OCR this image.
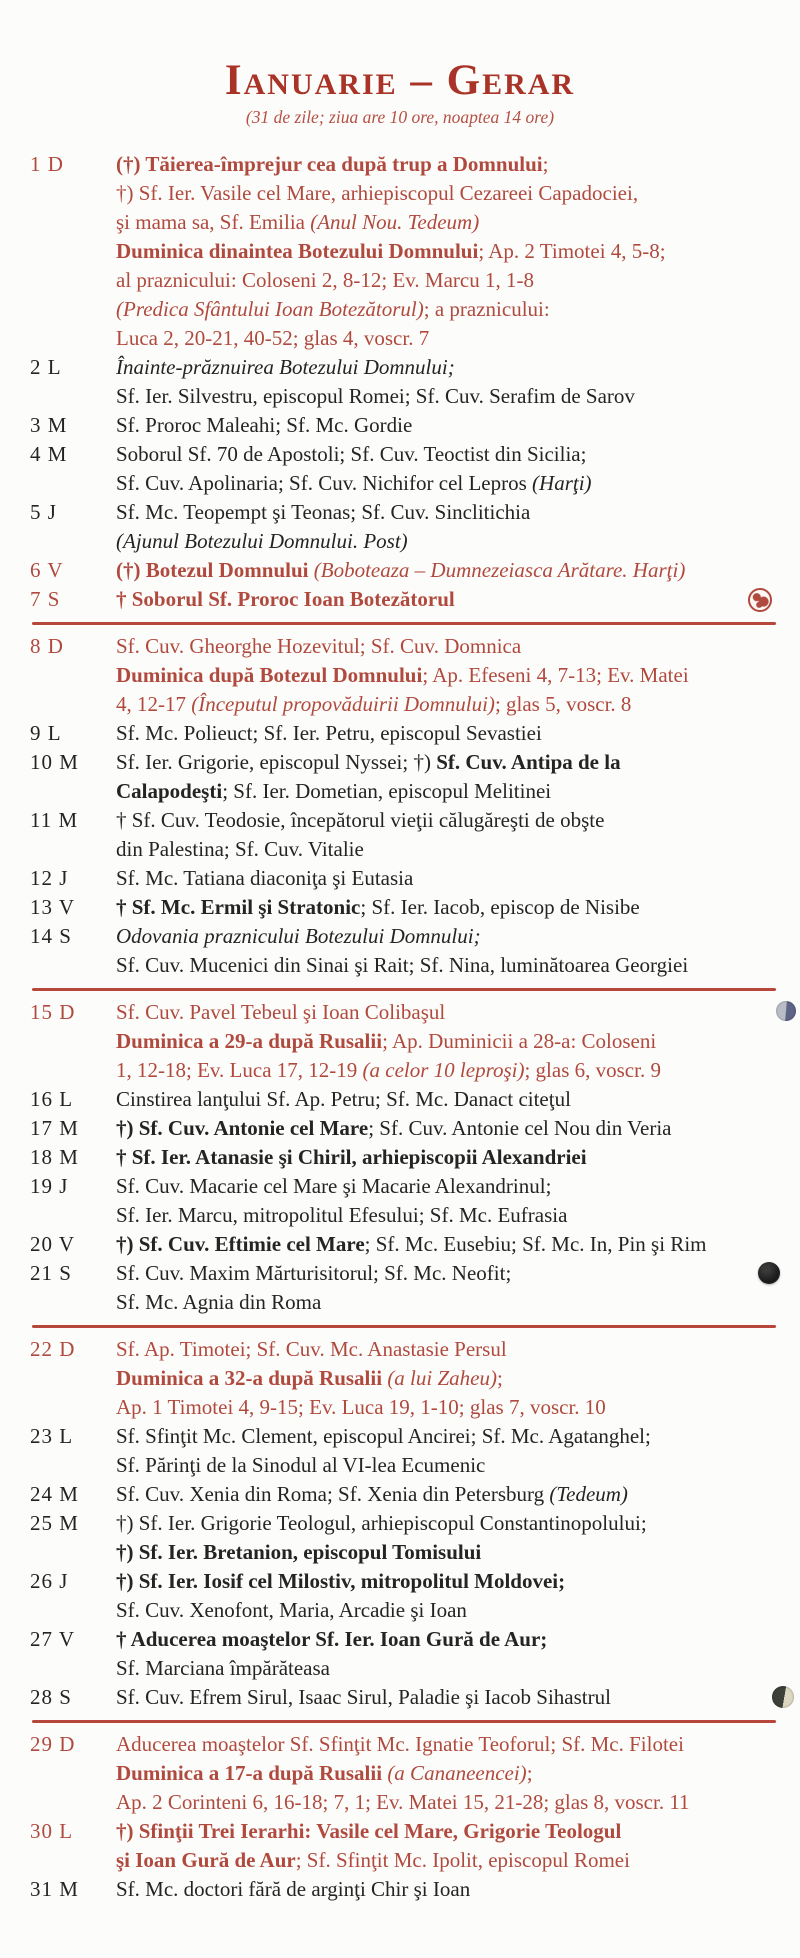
Ianuarie – Gerar
(31 de zile; ziua are 10 ore, noaptea 14 ore)
1 D	(†) Tăierea-împrejur cea după trup a Domnului;
†) Sf. Ier. Vasile cel Mare, arhiepiscopul Cezareei Capadociei,
şi mama sa, Sf. Emilia (Anul Nou. Tedeum)
Duminica dinaintea Botezului Domnului; Ap. 2 Timotei 4, 5-8;
al praznicului: Coloseni 2, 8-12; Ev. Marcu 1, 1-8
(Predica Sfântului Ioan Botezătorul); a praznicului:
Luca 2, 20-21, 40-52; glas 4, voscr. 7
2 L	Înainte-prăznuirea Botezului Domnului;
Sf. Ier. Silvestru, episcopul Romei; Sf. Cuv. Serafim de Sarov
3 M	Sf. Proroc Maleahi; Sf. Mc. Gordie
4 M	Soborul Sf. 70 de Apostoli; Sf. Cuv. Teoctist din Sicilia;
Sf. Cuv. Apolinaria; Sf. Cuv. Nichifor cel Lepros (Harţi)
5 J	Sf. Mc. Teopempt şi Teonas; Sf. Cuv. Sinclitichia
(Ajunul Botezului Domnului. Post)
6 V	(†) Botezul Domnului (Boboteaza – Dumnezeiasca Arătare. Harţi)
7 S	† Soborul Sf. Proroc Ioan Botezătorul
8 D	Sf. Cuv. Gheorghe Hozevitul; Sf. Cuv. Domnica
Duminica după Botezul Domnului; Ap. Efeseni 4, 7-13; Ev. Matei
4, 12-17 (Începutul propovăduirii Domnului); glas 5, voscr. 8
9 L	Sf. Mc. Polieuct; Sf. Ier. Petru, episcopul Sevastiei
10 M	Sf. Ier. Grigorie, episcopul Nyssei; †) Sf. Cuv. Antipa de la
Calapodeşti; Sf. Ier. Dometian, episcopul Melitinei
11 M	† Sf. Cuv. Teodosie, începătorul vieţii călugăreşti de obşte
din Palestina; Sf. Cuv. Vitalie
12 J	Sf. Mc. Tatiana diaconiţa şi Eutasia
13 V	† Sf. Mc. Ermil şi Stratonic; Sf. Ier. Iacob, episcop de Nisibe
14 S	Odovania praznicului Botezului Domnului;
Sf. Cuv. Mucenici din Sinai şi Rait; Sf. Nina, luminătoarea Georgiei
15 D	Sf. Cuv. Pavel Tebeul şi Ioan Colibaşul
Duminica a 29-a după Rusalii; Ap. Duminicii a 28-a: Coloseni
1, 12-18; Ev. Luca 17, 12-19 (a celor 10 leproşi); glas 6, voscr. 9
16 L	Cinstirea lanţului Sf. Ap. Petru; Sf. Mc. Danact citeţul
17 M	†) Sf. Cuv. Antonie cel Mare; Sf. Cuv. Antonie cel Nou din Veria
18 M	† Sf. Ier. Atanasie şi Chiril, arhiepiscopii Alexandriei
19 J	Sf. Cuv. Macarie cel Mare şi Macarie Alexandrinul;
Sf. Ier. Marcu, mitropolitul Efesului; Sf. Mc. Eufrasia
20 V	†) Sf. Cuv. Eftimie cel Mare; Sf. Mc. Eusebiu; Sf. Mc. In, Pin şi Rim
21 S	Sf. Cuv. Maxim Mărturisitorul; Sf. Mc. Neofit;
Sf. Mc. Agnia din Roma
22 D	Sf. Ap. Timotei; Sf. Cuv. Mc. Anastasie Persul
Duminica a 32-a după Rusalii (a lui Zaheu);
Ap. 1 Timotei 4, 9-15; Ev. Luca 19, 1-10; glas 7, voscr. 10
23 L	Sf. Sfinţit Mc. Clement, episcopul Ancirei; Sf. Mc. Agatanghel;
Sf. Părinţi de la Sinodul al VI-lea Ecumenic
24 M	Sf. Cuv. Xenia din Roma; Sf. Xenia din Petersburg (Tedeum)
25 M	†) Sf. Ier. Grigorie Teologul, arhiepiscopul Constantinopolului;
†) Sf. Ier. Bretanion, episcopul Tomisului
26 J	†) Sf. Ier. Iosif cel Milostiv, mitropolitul Moldovei;
Sf. Cuv. Xenofont, Maria, Arcadie şi Ioan
27 V	† Aducerea moaştelor Sf. Ier. Ioan Gură de Aur;
Sf. Marciana împărăteasa
28 S	Sf. Cuv. Efrem Sirul, Isaac Sirul, Paladie şi Iacob Sihastrul
29 D	Aducerea moaştelor Sf. Sfinţit Mc. Ignatie Teoforul; Sf. Mc. Filotei
Duminica a 17-a după Rusalii (a Cananeencei);
Ap. 2 Corinteni 6, 16-18; 7, 1; Ev. Matei 15, 21-28; glas 8, voscr. 11
30 L	†) Sfinţii Trei Ierarhi: Vasile cel Mare, Grigorie Teologul
şi Ioan Gură de Aur; Sf. Sfinţit Mc. Ipolit, episcopul Romei
31 M	Sf. Mc. doctori fără de arginţi Chir şi Ioan
